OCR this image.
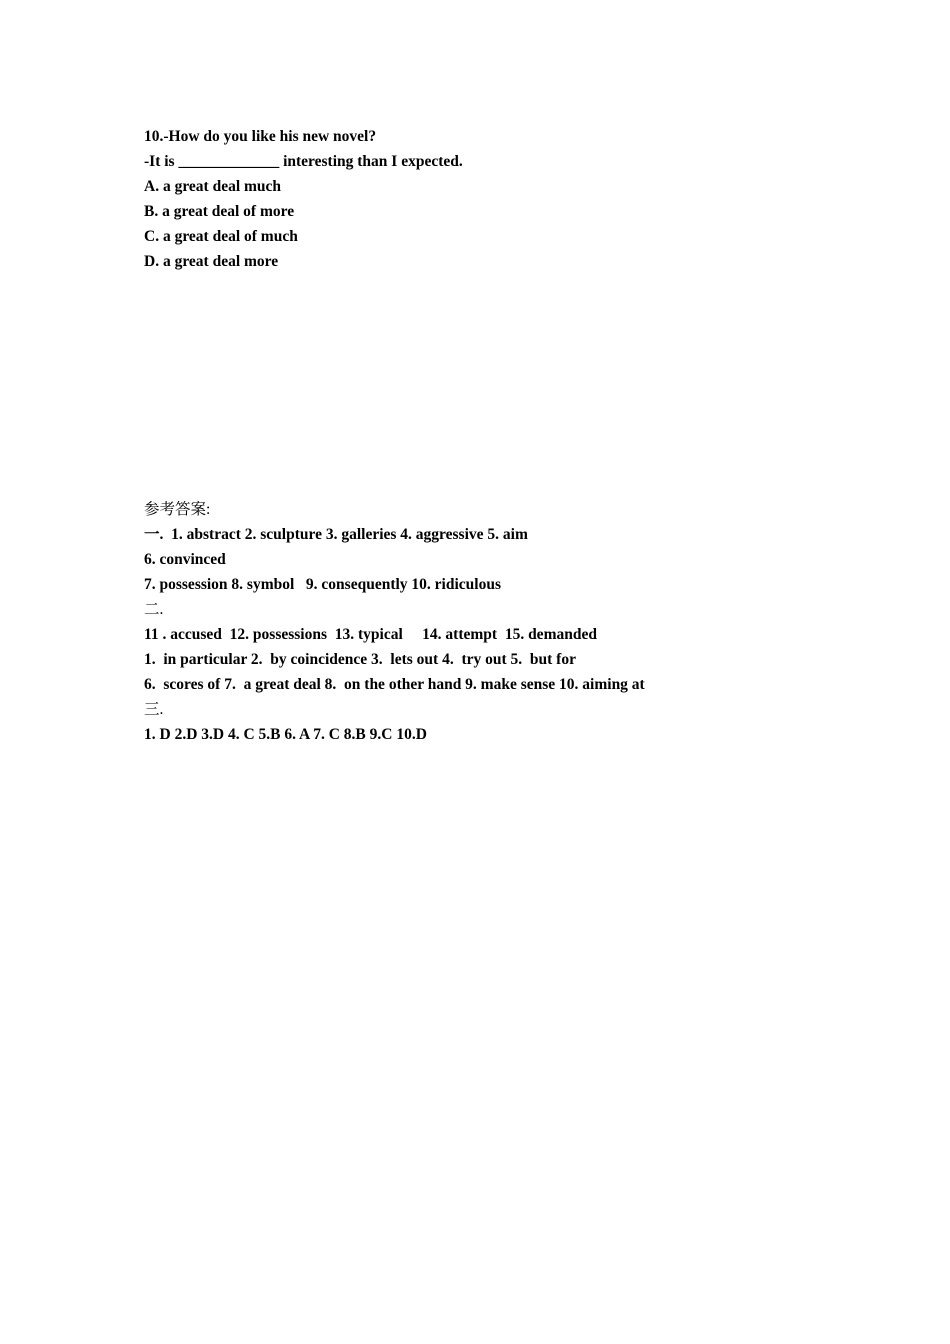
10.-How do you like his new novel?
-It is _____________ interesting than I expected.
A. a great deal much
B. a great deal of more
C. a great deal of much
D. a great deal more
参考答案:
一.  1. abstract 2. sculpture 3. galleries 4. aggressive 5. aim
6. convinced
7. possession 8. symbol   9. consequently 10. ridiculous
二.
11 . accused  12. possessions  13. typical     14. attempt  15. demanded
1.  in particular 2.  by coincidence 3.  lets out 4.  try out 5.  but for
6.  scores of 7.  a great deal 8.  on the other hand 9. make sense 10. aiming at
三.
1. D 2.D 3.D 4. C 5.B 6. A 7. C 8.B 9.C 10.D
